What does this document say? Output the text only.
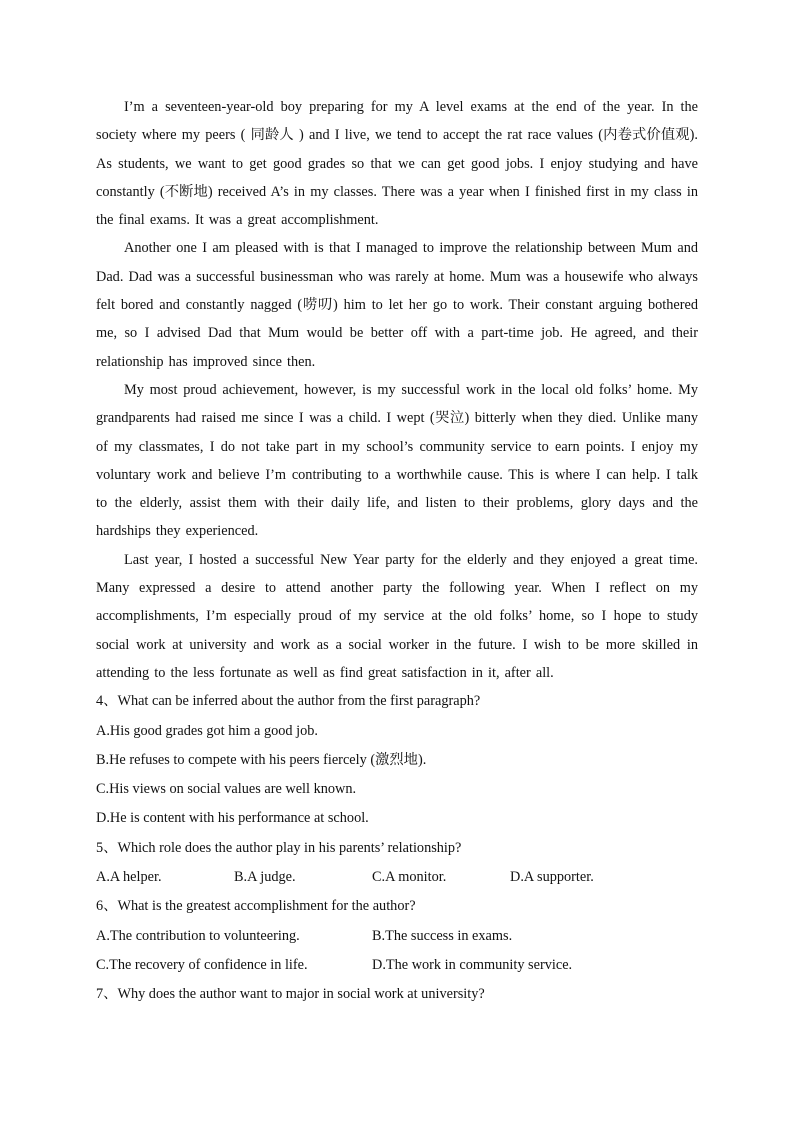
I’m a seventeen-year-old boy preparing for my A level exams at the end of the year. In the society where my peers ( 同龄人 ) and I live, we tend to accept the rat race values (内卷式价值观). As students, we want to get good grades so that we can get good jobs. I enjoy studying and have constantly (不断地) received A’s in my classes. There was a year when I finished first in my class in the final exams. It was a great accomplishment.

Another one I am pleased with is that I managed to improve the relationship between Mum and Dad. Dad was a successful businessman who was rarely at home. Mum was a housewife who always felt bored and constantly nagged (唠叨) him to let her go to work. Their constant arguing bothered me, so I advised Dad that Mum would be better off with a part-time job. He agreed, and their relationship has improved since then.

My most proud achievement, however, is my successful work in the local old folks’ home. My grandparents had raised me since I was a child. I wept (哭泣) bitterly when they died. Unlike many of my classmates, I do not take part in my school’s community service to earn points. I enjoy my voluntary work and believe I’m contributing to a worthwhile cause. This is where I can help. I talk to the elderly, assist them with their daily life, and listen to their problems, glory days and the hardships they experienced.

Last year, I hosted a successful New Year party for the elderly and they enjoyed a great time. Many expressed a desire to attend another party the following year. When I reflect on my accomplishments, I’m especially proud of my service at the old folks’ home, so I hope to study social work at university and work as a social worker in the future. I wish to be more skilled in attending to the less fortunate as well as find great satisfaction in it, after all.

4、What can be inferred about the author from the first paragraph?

A.His good grades got him a good job.

B.He refuses to compete with his peers fiercely (激烈地).

C.His views on social values are well known.

D.He is content with his performance at school.

5、Which role does the author play in his parents’ relationship?

A.A helper.	B.A judge.	C.A monitor.	D.A supporter.

6、What is the greatest accomplishment for the author?

A.The contribution to volunteering.	B.The success in exams.
C.The recovery of confidence in life.	D.The work in community service.

7、Why does the author want to major in social work at university?
